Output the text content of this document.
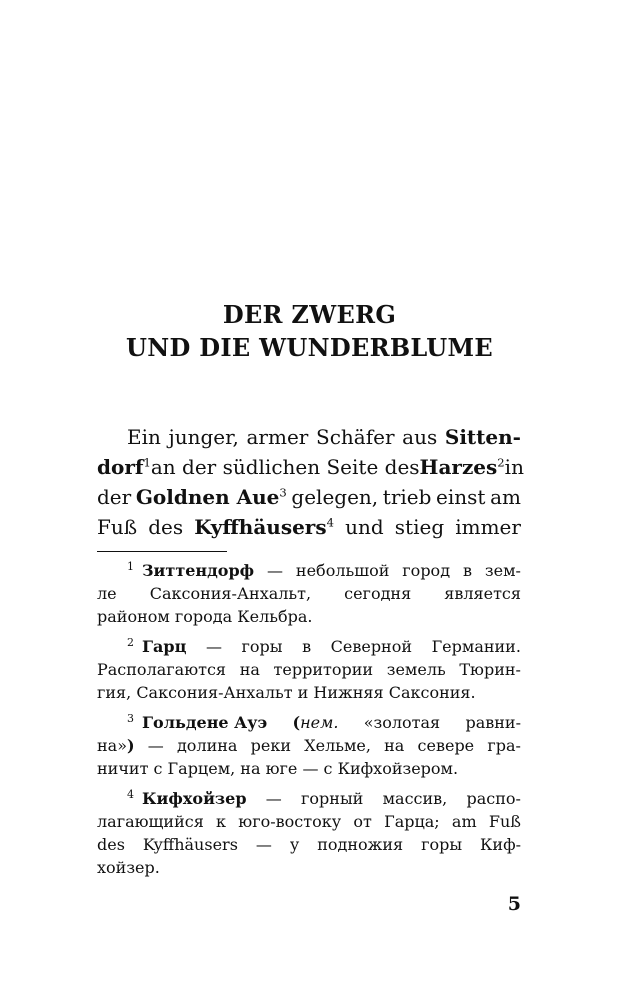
DER ZWERG
UND DIE WUNDERBLUME
Ein junger, armer Schäfer aus Sitten-
dorf$^1$ an der südlichen Seite des Harzes$^2$ in
der Goldnen Aue$^3$ gelegen, trieb einst am
Fuß des Kyffhäusers$^4$ und stieg immer
$^1$ Зиттендорф — небольшой город в зем-
ле Саксония-Анхальт, сегодня является
районом города Кельбра.
$^2$ Гарц — горы в Северной Германии.
Располагаются на территории земель Тюрин-
гия, Саксония-Анхальт и Нижняя Саксония.
$^3$ Гольдене Ауэ (нем. «золотая равни-
на») — долина реки Хельме, на севере гра-
ничит с Гарцем, на юге — с Кифхойзером.
$^4$ Кифхойзер — горный массив, распо-
лагающийся к юго-востоку от Гарца; am Fuß
des Kyffhäusers — у подножия горы Киф-
хойзер.
5
